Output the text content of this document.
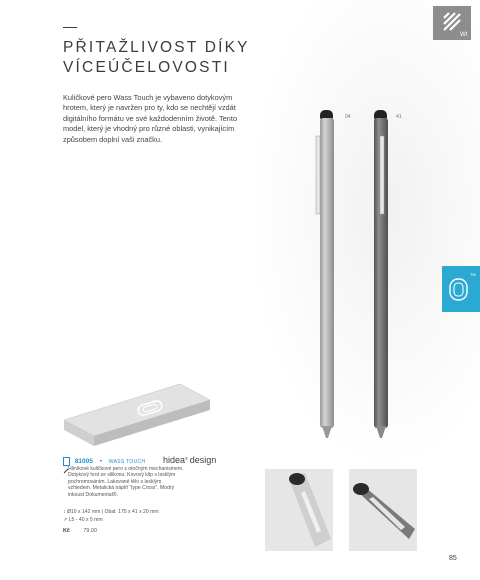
Wt
PŘITAŽLIVOST DÍKY
VÍCEÚČELOVOSTI
Kuličkové pero Wass Touch je vybaveno dotykovým hrotem, který je navržen pro ty, kdo se nechtějí vzdát digitálního formátu ve své každodenním životě. Tento model, který je vhodný pro různé oblasti, vynikajícím způsobem doplní vaši značku.
04	41
TM
81005 • WASS TOUCH hidea® design
Hliníkové kuličkové pero s otočným mechanismem. Dotykový hrot ze silikonu. Kovový klip s lesklým pochromováním. Lakované tělo s lesklým vzhledem. Metalická náplň “type Cross”. Modrý inkoust Dokumental®.
↕ Ø10 x 142 mm | Obal: 175 x 41 x 20 mm
↗ L5 - 40 x 5 mm
Kč	79.00
85
